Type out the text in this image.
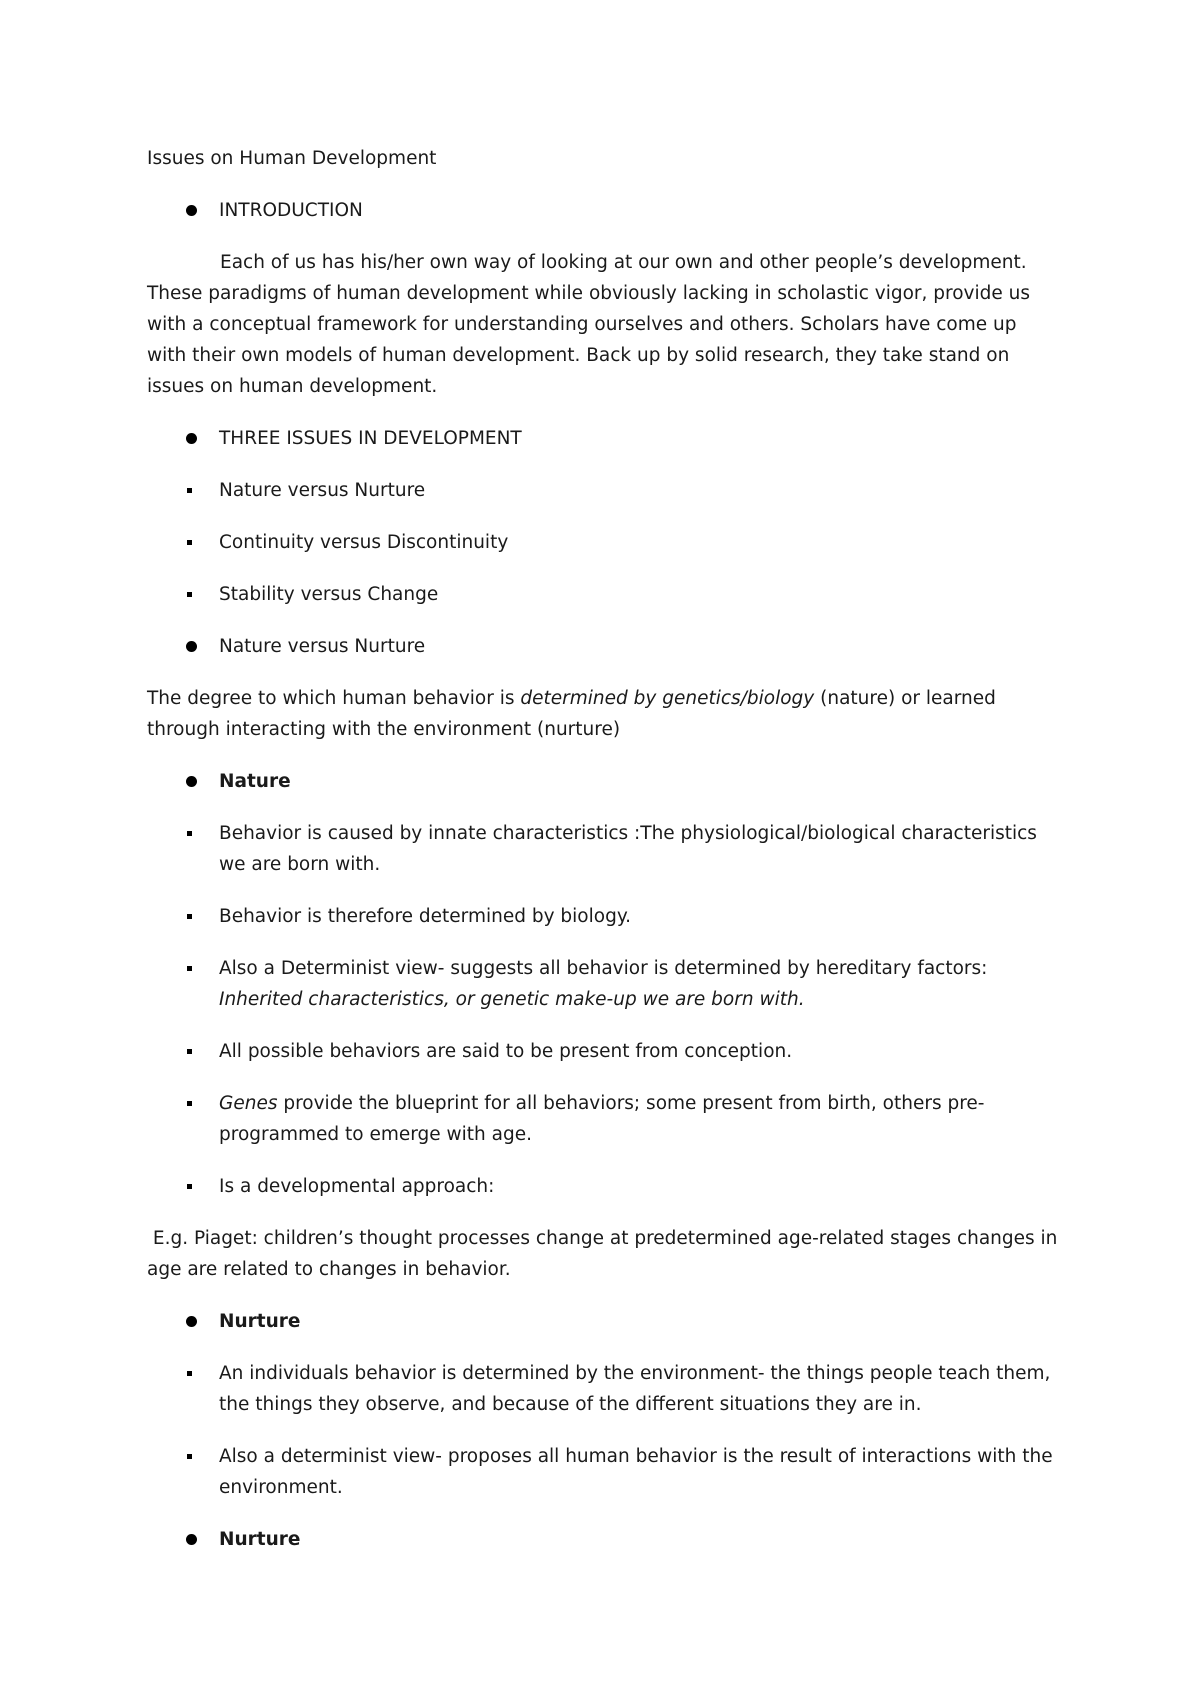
Issues on Human Development
INTRODUCTION
Each of us has his/her own way of looking at our own and other people’s development. These paradigms of human development while obviously lacking in scholastic vigor, provide us with a conceptual framework for understanding ourselves and others. Scholars have come up with their own models of human development. Back up by solid research, they take stand on issues on human development.
THREE ISSUES IN DEVELOPMENT
Nature versus Nurture
Continuity versus Discontinuity
Stability versus Change
Nature versus Nurture
The degree to which human behavior is determined by genetics/biology (nature) or learned through interacting with the environment (nurture)
Nature
Behavior is caused by innate characteristics :The physiological/biological characteristics we are born with.
Behavior is therefore determined by biology.
Also a Determinist view- suggests all behavior is determined by hereditary factors: Inherited characteristics, or genetic make-up we are born with.
All possible behaviors are said to be present from conception.
Genes provide the blueprint for all behaviors; some present from birth, others pre-programmed to emerge with age.
Is a developmental approach:
E.g. Piaget: children’s thought processes change at predetermined age-related stages changes in age are related to changes in behavior.
Nurture
An individuals behavior is determined by the environment- the things people teach them, the things they observe, and because of the different situations they are in.
Also a determinist view- proposes all human behavior is the result of interactions with the environment.
Nurture
